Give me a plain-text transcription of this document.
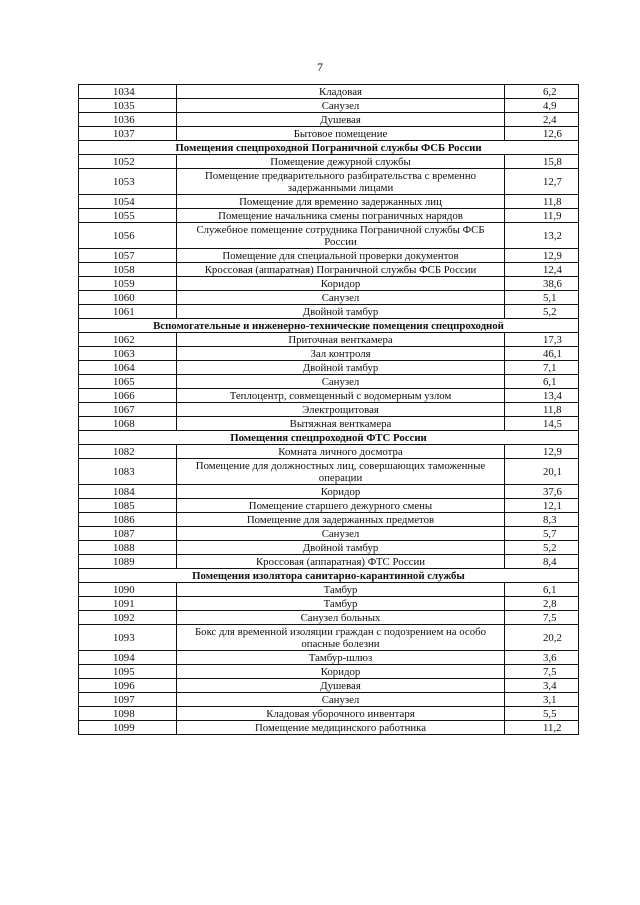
7
1034	Кладовая	6,2
1035	Санузел	4,9
1036	Душевая	2,4
1037	Бытовое помещение	12,6
Помещения спецпроходной Пограничной службы ФСБ России		
1052	Помещение дежурной службы	15,8
1053	Помещение предварительного разбирательства с временно задержанными лицами	12,7
1054	Помещение для временно задержанных лиц	11,8
1055	Помещение начальника смены пограничных нарядов	11,9
1056	Служебное помещение сотрудника Пограничной службы ФСБ России	13,2
1057	Помещение для специальной проверки документов	12,9
1058	Кроссовая (аппаратная) Пограничной службы ФСБ России	12,4
1059	Коридор	38,6
1060	Санузел	5,1
1061	Двойной тамбур	5,2
Вспомогательные и инженерно-технические помещения спецпроходной		
1062	Приточная венткамера	17,3
1063	Зал контроля	46,1
1064	Двойной тамбур	7,1
1065	Санузел	6,1
1066	Теплоцентр, совмещенный с водомерным узлом	13,4
1067	Электрощитовая	11,8
1068	Вытяжная венткамера	14,5
Помещения спецпроходной ФТС России		
1082	Комната личного досмотра	12,9
1083	Помещение для должностных лиц, совершающих таможенные операции	20,1
1084	Коридор	37,6
1085	Помещение старшего дежурного смены	12,1
1086	Помещение для задержанных предметов	8,3
1087	Санузел	5,7
1088	Двойной тамбур	5,2
1089	Кроссовая (аппаратная) ФТС России	8,4
Помещения изолятора санитарно-карантинной службы		
1090	Тамбур	6,1
1091	Тамбур	2,8
1092	Санузел больных	7,5
1093	Бокс для временной изоляции граждан с подозрением на особо опасные болезни	20,2
1094	Тамбур-шлюз	3,6
1095	Коридор	7,5
1096	Душевая	3,4
1097	Санузел	3,1
1098	Кладовая уборочного инвентаря	5,5
1099	Помещение медицинского работника	11,2
